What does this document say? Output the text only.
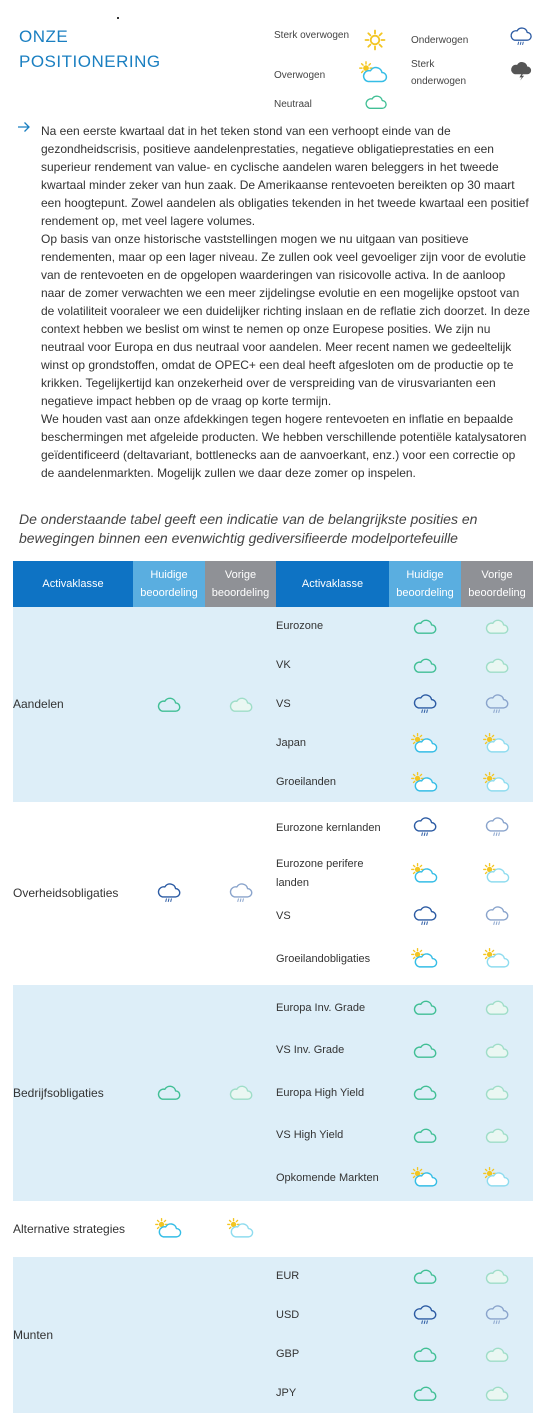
ONZE
POSITIONERING
Sterk overwogen
Overwogen
Neutraal
Onderwogen
Sterk onderwogen

Na een eerste kwartaal dat in het teken stond van een verhoopt einde van de gezondheidscrisis, positieve aandelenprestaties, negatieve obligatieprestaties en een superieur rendement van value- en cyclische aandelen waren beleggers in het tweede kwartaal minder zeker van hun zaak. De Amerikaanse rentevoeten bereikten op 30 maart een hoogtepunt. Zowel aandelen als obligaties tekenden in het tweede kwartaal een positief rendement op, met veel lagere volumes.

Op basis van onze historische vaststellingen mogen we nu uitgaan van positieve rendementen, maar op een lager niveau. Ze zullen ook veel gevoeliger zijn voor de evolutie van de rentevoeten en de opgelopen waarderingen van risicovolle activa. In de aanloop naar de zomer verwachten we een meer zijdelingse evolutie en een mogelijke opstoot van de volatiliteit vooraleer we een duidelijker richting inslaan en de reflatie zich doorzet. In deze context hebben we beslist om winst te nemen op onze Europese posities. We zijn nu neutraal voor Europa en dus neutraal voor aandelen. Meer recent namen we gedeeltelijk winst op grondstoffen, omdat de OPEC+ een deal heeft afgesloten om de productie op te krikken. Tegelijkertijd kan onzekerheid over de verspreiding van de virusvarianten een negatieve impact hebben op de vraag op korte termijn.

We houden vast aan onze afdekkingen tegen hogere rentevoeten en inflatie en bepaalde beschermingen met afgeleide producten. We hebben verschillende potentiële katalysatoren geïdentificeerd (deltavariant, bottlenecks aan de aanvoerkant, enz.) voor een correctie op de aandelenmarkten. Mogelijk zullen we daar deze zomer op inspelen.

De onderstaande tabel geeft een indicatie van de belangrijkste posities en bewegingen binnen een evenwichtig gediversifieerde modelportefeuille
Activaklasse	Huidige beoordeling	Vorige beoordeling	Activaklasse	Huidige beoordeling	Vorige beoordeling
Aandelen			Eurozone		
			VK		
			VS		
			Japan		
			Groeilanden		

Overheidsobligaties			Eurozone kernlanden		
			Eurozone perifere landen		
			VS		
			Groeilandobligaties		

Bedrijfsobligaties			Europa Inv. Grade		
			VS Inv. Grade		
			Europa High Yield		
			VS High Yield		
			Opkomende Markten		

Alternative strategies					

Munten			EUR		
			USD		
			GBP		
			JPY		
